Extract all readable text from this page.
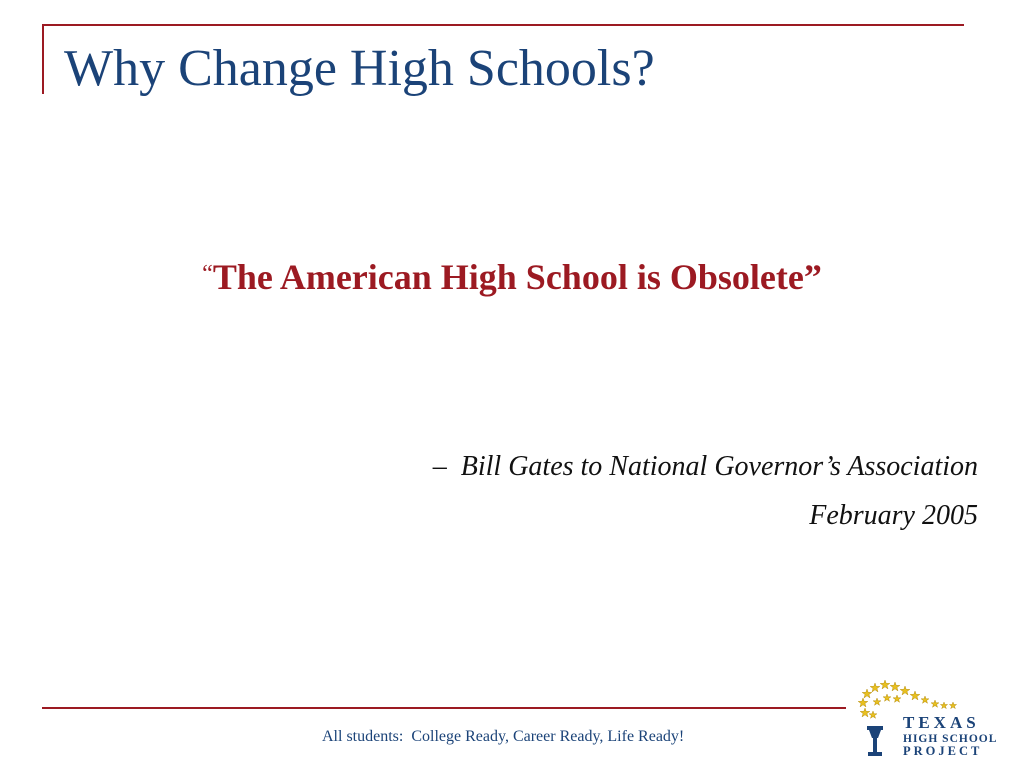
Why Change High Schools?
“The American High School is Obsolete”
– Bill Gates to National Governor’s Association
February 2005
All students:  College Ready, Career Ready, Life Ready!
TEXAS
HIGH SCHOOL
PROJECT
